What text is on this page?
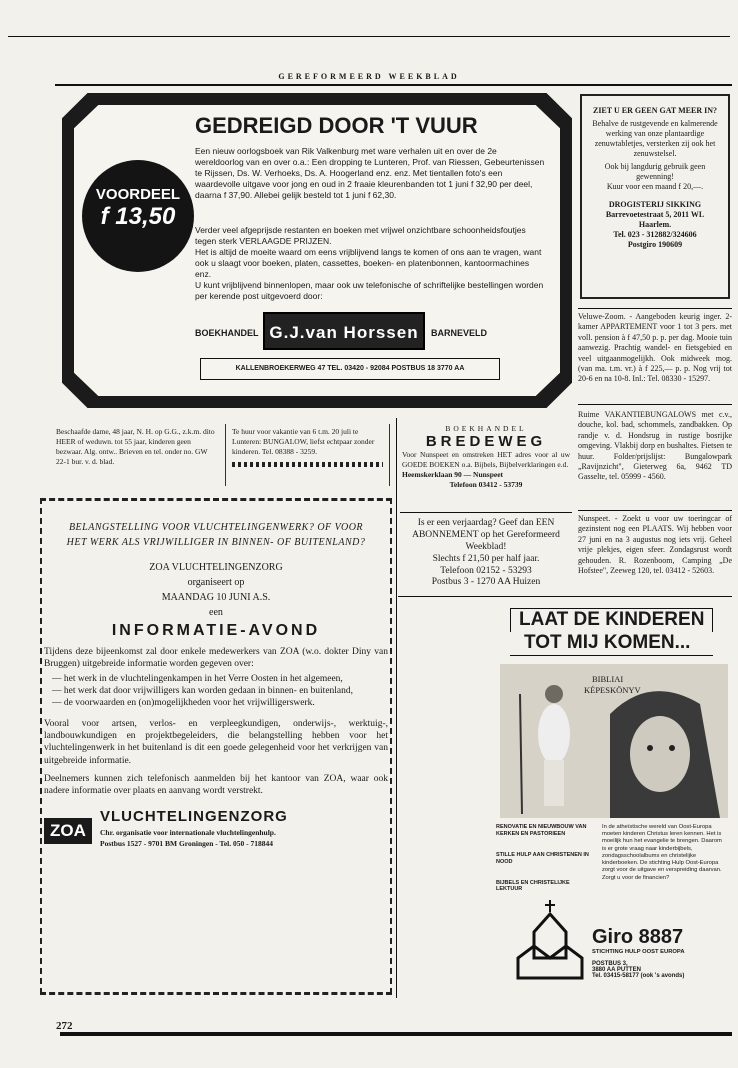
GEREFORMEERD WEEKBLAD
VOORDEEL
f 13,50
GEDREIGD DOOR 'T VUUR
Een nieuw oorlogsboek van Rik Valkenburg met ware verhalen uit en over de 2e wereldoorlog van en over o.a.: Een dropping te Lunteren, Prof. van Riessen, Gebeurtenissen te Rijssen, Ds. W. Verhoeks, Ds. A. Hoogerland enz. enz. Met tientallen foto's een waardevolle uitgave voor jong en oud in 2 fraaie kleurenbanden tot 1 juni f 32,90 per deel, daarna f 37,90. Allebei gelijk besteld tot 1 juni f 62,30.

Verder veel afgeprijsde restanten en boeken met vrijwel onzichtbare schoonheidsfoutjes tegen sterk VERLAAGDE PRIJZEN.

Het is altijd de moeite waard om eens vrijblijvend langs te komen of ons aan te vragen, want ook u slaagt voor boeken, platen, cassettes, boeken- en platenbonnen, kantoormachines enz.

U kunt vrijblijvend binnenlopen, maar ook uw telefonische of schriftelijke bestellingen worden per kerende post uitgevoerd door:

BOEKHANDEL G.J.van Horssen	BARNEVELD
KALLENBROEKERWEG 47 TEL. 03420 - 92084 POSTBUS 18 3770 AA

ZIET U ER GEEN GAT MEER IN?

Behalve de rustgevende en kalmerende werking van onze plantaardige zenuwtabletjes, versterken zij ook het zenuwstelsel.

Ook bij langdurig gebruik geen gewenning!

Kuur voor een maand f 20,—.

DROGISTERIJ SIKKING

Barrevoetestraat 5, 2011 WL Haarlem.

Tel. 023 - 312882/324606

Postgiro 190609

Veluwe-Zoom. - Aangeboden keurig inger. 2-kamer APPARTEMENT voor 1 tot 3 pers. met voll. pension à f 47,50 p. p. per dag. Mooie tuin aanwezig. Prachtig wandel- en fietsgebied en veel uitgaanmogelijkh. Ook midweek mog. (van ma. t.m. vr.) à f 225,— p. p. Nog vrij tot 20-6 en na 10-8. Inl.: Tel. 08330 - 15297.
Ruime VAKANTIEBUNGALOWS met c.v., douche, kol. bad, schommels, zandbakken. Op randje v. d. Hondsrug in rustige bosrijke omgeving. Vlakbij dorp en bushaltes. Fietsen te huur. Folder/prijslijst: Bungalowpark „Ravijnzicht", Gieterweg 6a, 9462 TD Gasselte, tel. 05999 - 4560.
Nunspeet. - Zoekt u voor uw toeringcar of gezinstent nog een PLAATS. Wij hebben voor 27 juni en na 3 augustus nog iets vrij. Geheel vrije plekjes, eigen sfeer. Zondagsrust wordt gehouden. R. Rozenboom, Camping „De Hofstee", Zeeweg 120, tel. 03412 - 52603.
Beschaafde dame, 48 jaar, N. H. op G.G., z.k.m. dito HEER of weduwn. tot 55 jaar, kinderen geen bezwaar. Alg. ontw.. Brieven en tel. onder no. GW 22-1 bur. v. d. blad.
Te huur voor vakantie van 6 t.m. 20 juli te Lunteren: BUNGALOW, liefst echtpaar zonder kinderen. Tel. 08388 - 3259.
BOEKHANDEL
BREDEWEG
Voor Nunspeet en omstreken HET adres voor al uw GOEDE BOEKEN o.a. Bijbels, Bijbelverklaringen e.d.
Heemskerklaan 90 — Nunspeet
Telefoon 03412 - 53739

Is er een verjaardag? Geef dan EEN ABONNEMENT op het Gereformeerd Weekblad!

Slechts f 21,50 per half jaar.

Telefoon 02152 - 53293

Postbus 3 - 1270 AA Huizen

BELANGSTELLING VOOR VLUCHTELINGENWERK? OF VOOR HET WERK ALS VRIJWILLIGER IN BINNEN- OF BUITENLAND?
ZOA VLUCHTELINGENZORG
organiseert op
MAANDAG 10 JUNI A.S.
een
INFORMATIE-AVOND
Tijdens deze bijeenkomst zal door enkele medewerkers van ZOA (w.o. dokter Diny van Bruggen) uitgebreide informatie worden gegeven over:
— het werk in de vluchtelingenkampen in het Verre Oosten in het algemeen,
— het werk dat door vrijwilligers kan worden gedaan in binnen- en buitenland,
— de voorwaarden en (on)mogelijkheden voor het vrijwilligerswerk.
Vooral voor artsen, verlos- en verpleegkundigen, onderwijs-, werktuig-, landbouwkundigen en projektbegeleiders, die belangstelling hebben voor het vluchtelingenwerk in het buitenland is dit een goede gelegenheid voor het verkrijgen van uitgebreide informatie.
Deelnemers kunnen zich telefonisch aanmelden bij het kantoor van ZOA, waar ook nadere informatie over plaats en aanvang wordt verstrekt.
ZOA
VLUCHTELINGENZORG
Chr. organisatie voor internationale vluchtelingenhulp.
Postbus 1527 - 9701 BM Groningen - Tel. 050 - 718844
LAAT DE KINDEREN
TOT MIJ KOMEN...
BIBLIAI
KÉPESKÖNYV

RENOVATIE EN NIEUWBOUW VAN KERKEN EN PASTORIEEN

STILLE HULP AAN CHRISTENEN IN NOOD

BIJBELS EN CHRISTELIJKE LEKTUUR

In de atheïstische wereld van Oost-Europa moeten kinderen Christus leren kennen. Het is moeilijk hun het evangelie te brengen. Daarom is er grote vraag naar kinderbijbels, zondagsschoolalbums en christelijke kinderboeken. De stichting Hulp Oost-Europa zorgt voor de uitgave en verspreiding daarvan. Zorgt u voor de financien?
Giro 8887
STICHTING HULP OOST EUROPA
POSTBUS 3,
3880 AA PUTTEN
Tel. 03415-58177 (ook 's avonds)
272
